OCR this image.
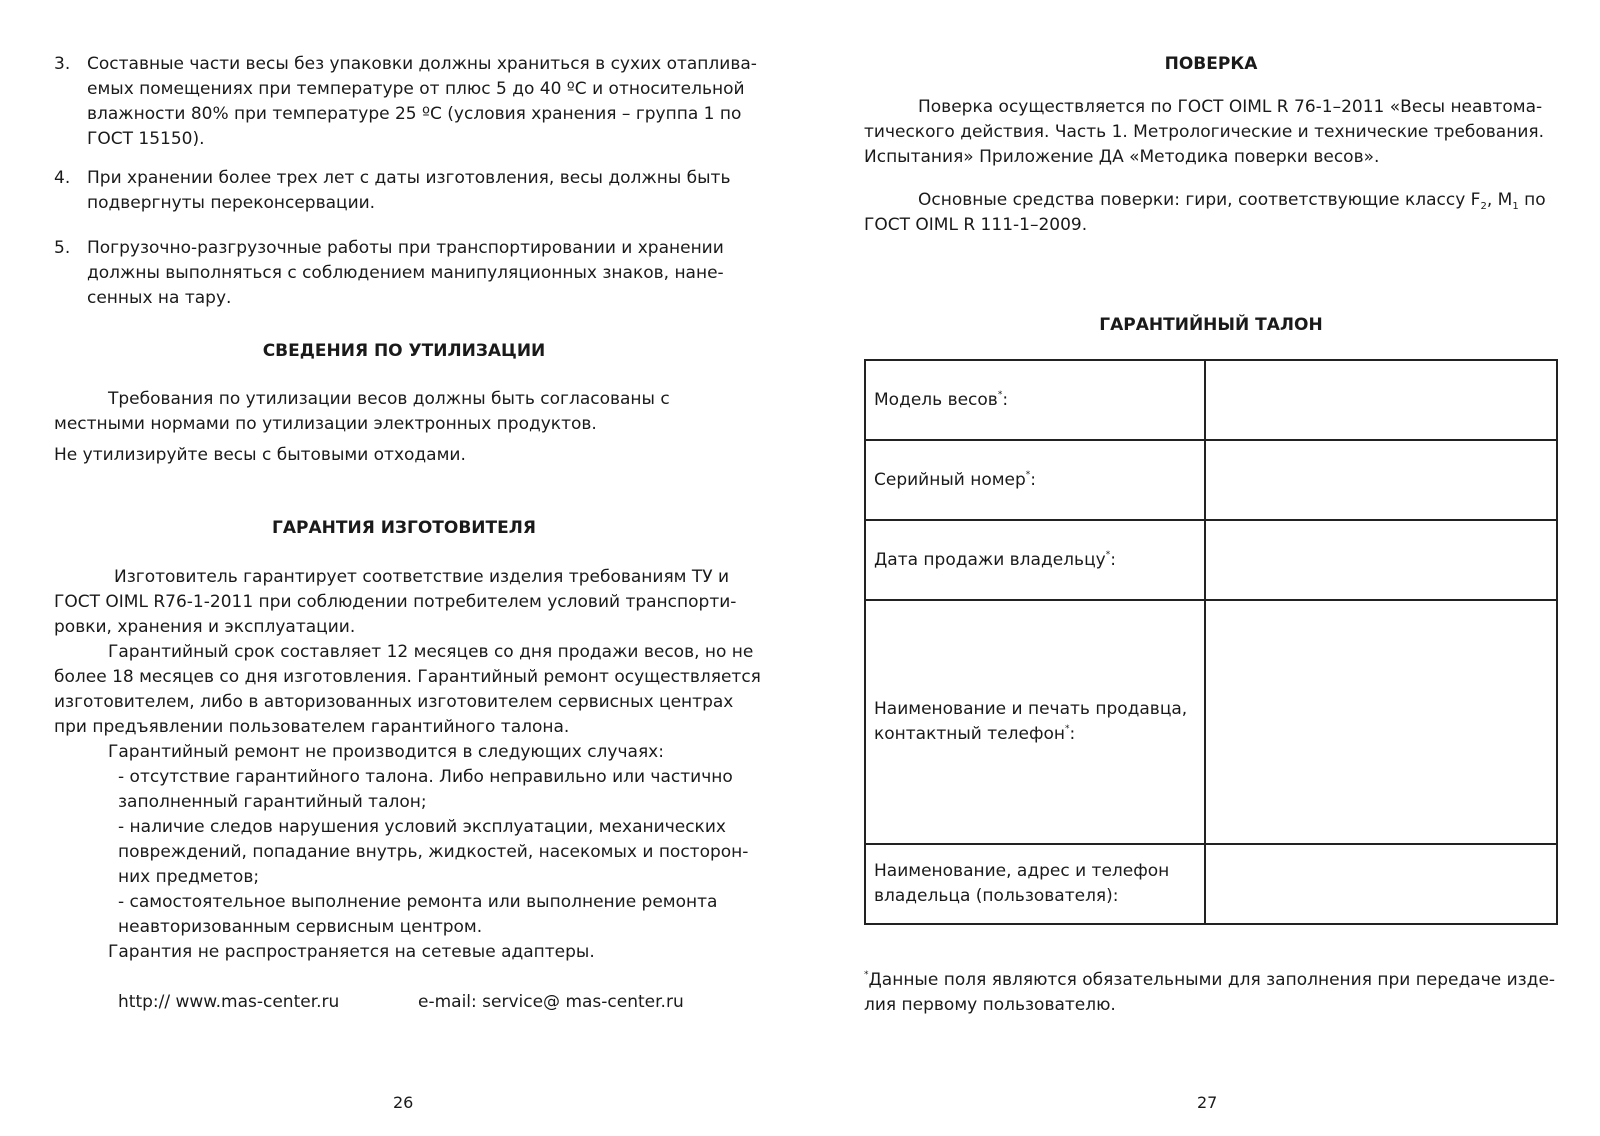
3. Составные части весы без упаковки должны храниться в сухих отаплива-
емых помещениях при температуре от плюс 5 до 40 ºС и относительной
влажности 80% при температуре 25 ºС (условия хранения – группа 1 по
ГОСТ 15150).
4. При хранении более трех лет с даты изготовления, весы должны быть
подвергнуты переконсервации.
5. Погрузочно-разгрузочные работы при транспортировании и хранении
должны выполняться с соблюдением манипуляционных знаков, нане-
сенных на тару.
СВЕДЕНИЯ ПО УТИЛИЗАЦИИ
Требования по утилизации весов должны быть согласованы с
местными нормами по утилизации электронных продуктов.
Не утилизируйте весы с бытовыми отходами.
ГАРАНТИЯ ИЗГОТОВИТЕЛЯ
Изготовитель гарантирует соответствие изделия требованиям ТУ и
ГОСТ OIML R76-1-2011 при соблюдении потребителем условий транспорти-
ровки, хранения и эксплуатации.
Гарантийный срок составляет 12 месяцев со дня продажи весов, но не
более 18 месяцев со дня изготовления. Гарантийный ремонт осуществляется
изготовителем, либо в авторизованных изготовителем сервисных центрах
при предъявлении пользователем гарантийного талона.
Гарантийный ремонт не производится в следующих случаях:
- отсутствие гарантийного талона. Либо неправильно или частично
заполненный гарантийный талон;
- наличие следов нарушения условий эксплуатации, механических
повреждений, попадание внутрь, жидкостей, насекомых и посторон-
них предметов;
- самостоятельное выполнение ремонта или выполнение ремонта
неавторизованным сервисным центром.
Гарантия не распространяется на сетевые адаптеры.
http:// www.mas-center.ru	e-mail: service@ mas-center.ru
26
ПОВЕРКА
Поверка осуществляется по ГОСТ OIML R 76-1–2011 «Весы неавтома-
тического действия. Часть 1. Метрологические и технические требования.
Испытания» Приложение ДА «Методика поверки весов».
Основные средства поверки: гири, соответствующие классу $F_2$, $M_1$ по
ГОСТ OIML R 111-1–2009.
ГАРАНТИЙНЫЙ ТАЛОН
Модель весов*:	
Серийный номер*:	
Дата продажи владельцу*:	

Наименование и печать продавца,
контактный телефон*:	

Наименование, адрес и телефон
владельца (пользователя):	

*Данные поля являются обязательными для заполнения при передаче изде-
лия первому пользователю.
27
